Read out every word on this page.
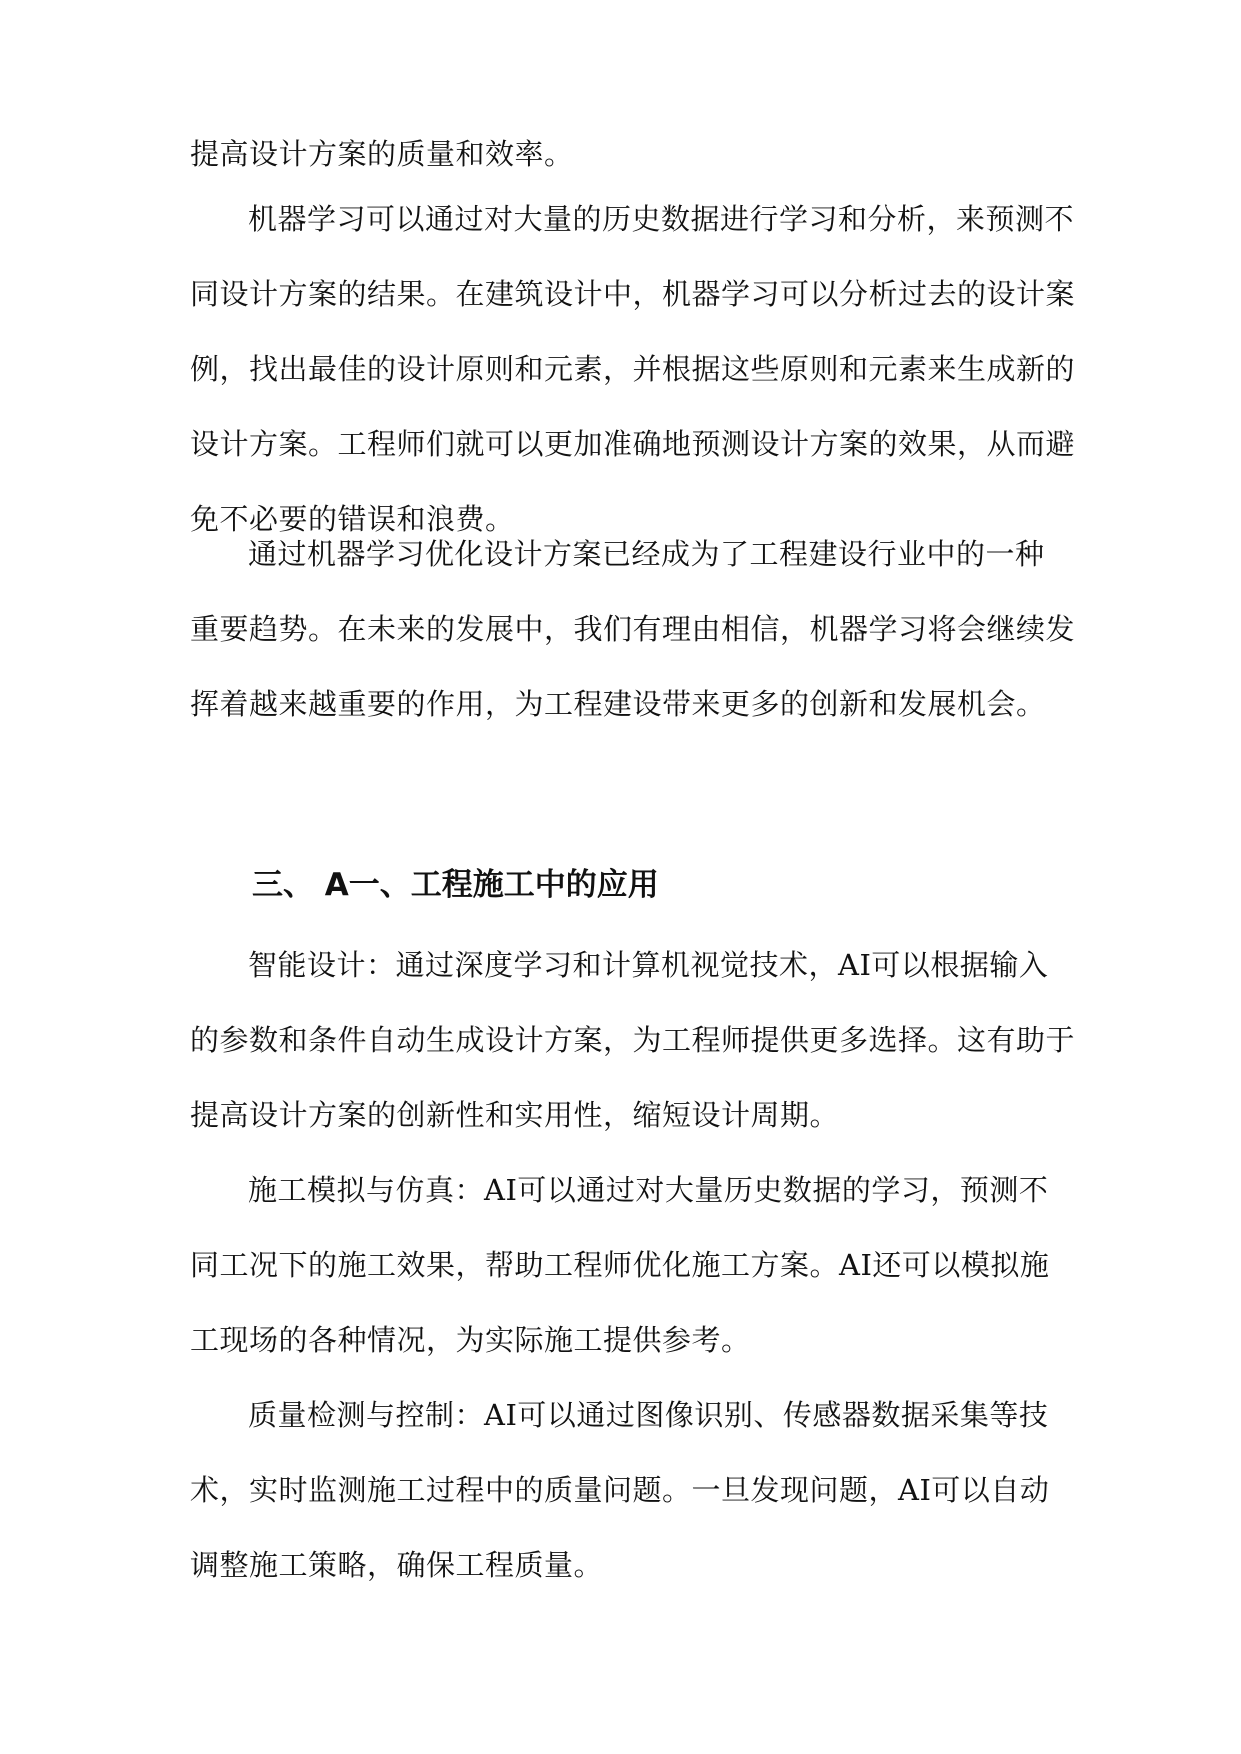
提高设计方案的质量和效率。
机器学习可以通过对大量的历史数据进行学习和分析，来预测不
同设计方案的结果。在建筑设计中，机器学习可以分析过去的设计案
例，找出最佳的设计原则和元素，并根据这些原则和元素来生成新的
设计方案。工程师们就可以更加准确地预测设计方案的效果，从而避
免不必要的错误和浪费。
通过机器学习优化设计方案已经成为了工程建设行业中的一种
重要趋势。在未来的发展中，我们有理由相信，机器学习将会继续发
挥着越来越重要的作用，为工程建设带来更多的创新和发展机会。
三、 A一、工程施工中的应用
智能设计：通过深度学习和计算机视觉技术，AI可以根据输入
的参数和条件自动生成设计方案，为工程师提供更多选择。这有助于
提高设计方案的创新性和实用性，缩短设计周期。
施工模拟与仿真：AI可以通过对大量历史数据的学习，预测不
同工况下的施工效果，帮助工程师优化施工方案。AI还可以模拟施
工现场的各种情况，为实际施工提供参考。
质量检测与控制：AI可以通过图像识别、传感器数据采集等技
术，实时监测施工过程中的质量问题。一旦发现问题，AI可以自动
调整施工策略，确保工程质量。
